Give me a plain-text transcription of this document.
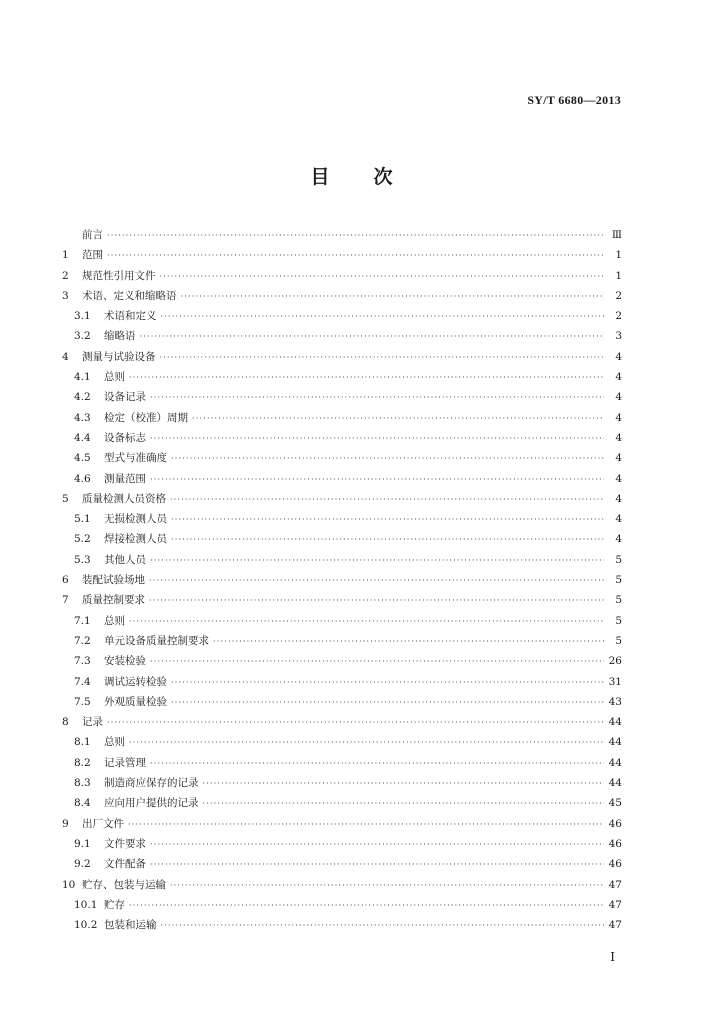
SY/T 6680—2013
目 次
前言 ·····	Ⅲ
1	范围 ·····	1
2	规范性引用文件 ·····	1
3	术语、定义和缩略语 ·····	2
3.1	术语和定义 ·····	2
3.2	缩略语 ·····	3
4	测量与试验设备 ·····	4
4.1	总则 ·····	4
4.2	设备记录 ·····	4
4.3	检定（校准）周期 ·····	4
4.4	设备标志 ·····	4
4.5	型式与准确度 ·····	4
4.6	测量范围 ·····	4
5	质量检测人员资格 ·····	4
5.1	无损检测人员 ·····	4
5.2	焊接检测人员 ·····	4
5.3	其他人员 ·····	5
6	装配试验场地 ·····	5
7	质量控制要求 ·····	5
7.1	总则 ·····	5
7.2	单元设备质量控制要求 ·····	5
7.3	安装检验 ·····	26
7.4	调试运转检验 ·····	31
7.5	外观质量检验 ·····	43
8	记录 ·····	44
8.1	总则 ·····	44
8.2	记录管理 ·····	44
8.3	制造商应保存的记录 ·····	44
8.4	应向用户提供的记录 ·····	45
9	出厂文件 ·····	46
9.1	文件要求 ·····	46
9.2	文件配备 ·····	46
10 贮存、包装与运输 ·····	47
10.1 贮存 ·····	47
10.2 包装和运输 ·····	47
Ⅰ
